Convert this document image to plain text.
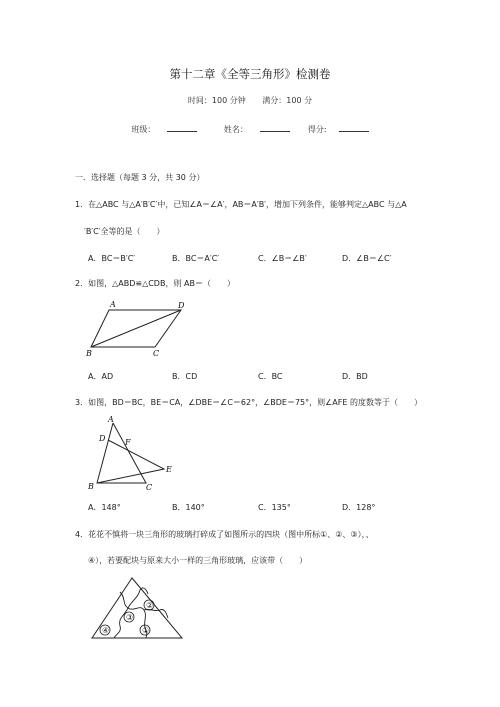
第十二章《全等三角形》检测卷
时间：100 分钟 满分：100 分
班级：	姓名：	得分:
一．选择题（每题 3 分，共 30 分）
1．在△ABC 与△A′B′C′中，已知∠A＝∠A′，AB＝A′B′，增加下列条件，能够判定△ABC 与△A
′B′C′全等的是（　　）
A．BC＝B′C′	B．BC＝A′C′	C．∠B＝∠B′	D．∠B＝∠C′
2．如图，△ABD≌△CDB，则 AB＝（　　）
A	D
B	C
A．AD	B．CD	C．BC	D．BD
3．如图，BD＝BC，BE＝CA，∠DBE＝∠C＝62°，∠BDE＝75°，则∠AFE 的度数等于（　　）
A
D F
E
B	C
A．148°	B．140°	C．135°	D．128°
4．花花不慎将一块三角形的玻璃打碎成了如图所示的四块（图中所标①、②、③），、
④），若要配块与原来大小一样的三角形玻璃，应该带（　　）
②
③
①
④
